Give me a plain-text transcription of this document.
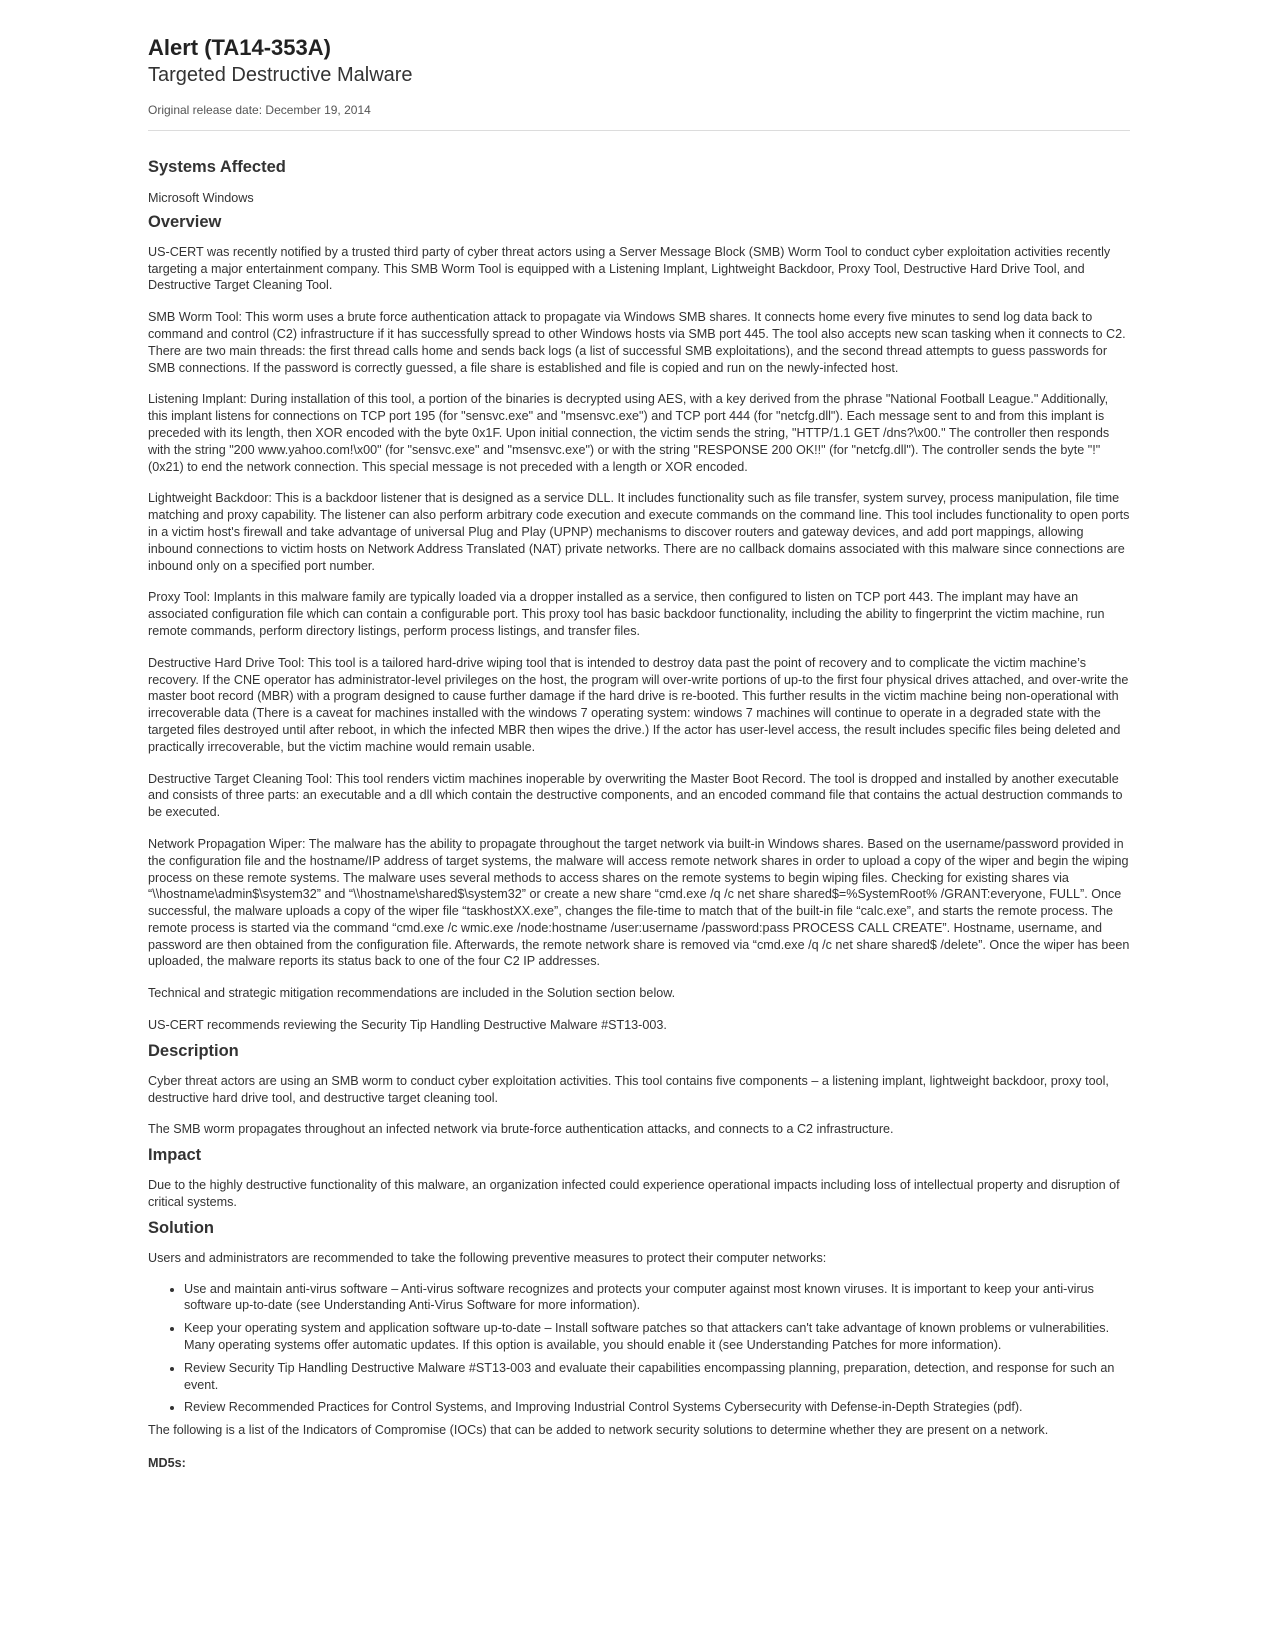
Alert (TA14-353A)
Targeted Destructive Malware
Original release date: December 19, 2014
Systems Affected

Microsoft Windows

Overview

US-CERT was recently notified by a trusted third party of cyber threat actors using a Server Message Block (SMB) Worm Tool to conduct cyber exploitation activities recently targeting a major entertainment company. This SMB Worm Tool is equipped with a Listening Implant, Lightweight Backdoor, Proxy Tool, Destructive Hard Drive Tool, and Destructive Target Cleaning Tool.

SMB Worm Tool: This worm uses a brute force authentication attack to propagate via Windows SMB shares. It connects home every five minutes to send log data back to command and control (C2) infrastructure if it has successfully spread to other Windows hosts via SMB port 445. The tool also accepts new scan tasking when it connects to C2. There are two main threads: the first thread calls home and sends back logs (a list of successful SMB exploitations), and the second thread attempts to guess passwords for SMB connections. If the password is correctly guessed, a file share is established and file is copied and run on the newly-infected host.

Listening Implant: During installation of this tool, a portion of the binaries is decrypted using AES, with a key derived from the phrase "National Football League." Additionally, this implant listens for connections on TCP port 195 (for "sensvc.exe" and "msensvc.exe") and TCP port 444 (for "netcfg.dll"). Each message sent to and from this implant is preceded with its length, then XOR encoded with the byte 0x1F. Upon initial connection, the victim sends the string, "HTTP/1.1 GET /dns?\x00." The controller then responds with the string "200 www.yahoo.com!\x00" (for "sensvc.exe" and "msensvc.exe") or with the string "RESPONSE 200 OK!!" (for "netcfg.dll"). The controller sends the byte "!" (0x21) to end the network connection. This special message is not preceded with a length or XOR encoded.

Lightweight Backdoor: This is a backdoor listener that is designed as a service DLL. It includes functionality such as file transfer, system survey, process manipulation, file time matching and proxy capability. The listener can also perform arbitrary code execution and execute commands on the command line. This tool includes functionality to open ports in a victim host's firewall and take advantage of universal Plug and Play (UPNP) mechanisms to discover routers and gateway devices, and add port mappings, allowing inbound connections to victim hosts on Network Address Translated (NAT) private networks. There are no callback domains associated with this malware since connections are inbound only on a specified port number.

Proxy Tool: Implants in this malware family are typically loaded via a dropper installed as a service, then configured to listen on TCP port 443. The implant may have an associated configuration file which can contain a configurable port. This proxy tool has basic backdoor functionality, including the ability to fingerprint the victim machine, run remote commands, perform directory listings, perform process listings, and transfer files.

Destructive Hard Drive Tool: This tool is a tailored hard-drive wiping tool that is intended to destroy data past the point of recovery and to complicate the victim machine’s recovery. If the CNE operator has administrator-level privileges on the host, the program will over-write portions of up-to the first four physical drives attached, and over-write the master boot record (MBR) with a program designed to cause further damage if the hard drive is re-booted. This further results in the victim machine being non-operational with irrecoverable data (There is a caveat for machines installed with the windows 7 operating system: windows 7 machines will continue to operate in a degraded state with the targeted files destroyed until after reboot, in which the infected MBR then wipes the drive.) If the actor has user-level access, the result includes specific files being deleted and practically irrecoverable, but the victim machine would remain usable.

Destructive Target Cleaning Tool: This tool renders victim machines inoperable by overwriting the Master Boot Record. The tool is dropped and installed by another executable and consists of three parts: an executable and a dll which contain the destructive components, and an encoded command file that contains the actual destruction commands to be executed.

Network Propagation Wiper: The malware has the ability to propagate throughout the target network via built-in Windows shares. Based on the username/password provided in the configuration file and the hostname/IP address of target systems, the malware will access remote network shares in order to upload a copy of the wiper and begin the wiping process on these remote systems. The malware uses several methods to access shares on the remote systems to begin wiping files. Checking for existing shares via “\\hostname\admin$\system32” and “\\hostname\shared$\system32” or create a new share “cmd.exe /q /c net share shared$=%SystemRoot% /GRANT:everyone, FULL”. Once successful, the malware uploads a copy of the wiper file “taskhostXX.exe”, changes the file-time to match that of the built-in file “calc.exe”, and starts the remote process. The remote process is started via the command “cmd.exe /c wmic.exe /node:hostname /user:username /password:pass PROCESS CALL CREATE”. Hostname, username, and password are then obtained from the configuration file. Afterwards, the remote network share is removed via “cmd.exe /q /c net share shared$ /delete”. Once the wiper has been uploaded, the malware reports its status back to one of the four C2 IP addresses.

Technical and strategic mitigation recommendations are included in the Solution section below.

US-CERT recommends reviewing the Security Tip Handling Destructive Malware #ST13-003.

Description

Cyber threat actors are using an SMB worm to conduct cyber exploitation activities. This tool contains five components – a listening implant, lightweight backdoor, proxy tool, destructive hard drive tool, and destructive target cleaning tool.

The SMB worm propagates throughout an infected network via brute-force authentication attacks, and connects to a C2 infrastructure.

Impact

Due to the highly destructive functionality of this malware, an organization infected could experience operational impacts including loss of intellectual property and disruption of critical systems.

Solution

Users and administrators are recommended to take the following preventive measures to protect their computer networks:

• Use and maintain anti-virus software – Anti-virus software recognizes and protects your computer against most known viruses. It is important to keep your anti-virus software up-to-date (see Understanding Anti-Virus Software for more information).
• Keep your operating system and application software up-to-date – Install software patches so that attackers can't take advantage of known problems or vulnerabilities. Many operating systems offer automatic updates. If this option is available, you should enable it (see Understanding Patches for more information).
• Review Security Tip Handling Destructive Malware #ST13-003 and evaluate their capabilities encompassing planning, preparation, detection, and response for such an event.
• Review Recommended Practices for Control Systems, and Improving Industrial Control Systems Cybersecurity with Defense-in-Depth Strategies (pdf).

The following is a list of the Indicators of Compromise (IOCs) that can be added to network security solutions to determine whether they are present on a network.

MD5s:
